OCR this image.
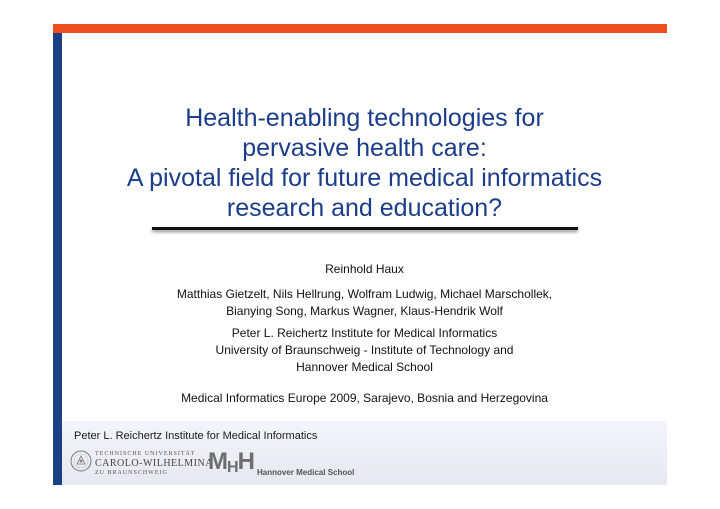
Health-enabling technologies for
pervasive health care:
A pivotal field for future medical informatics
research and education?
Reinhold Haux
Matthias Gietzelt, Nils Hellrung, Wolfram Ludwig, Michael Marschollek,
Bianying Song, Markus Wagner, Klaus-Hendrik Wolf
Peter L. Reichertz Institute for Medical Informatics
University of Braunschweig - Institute of Technology and
Hannover Medical School
Medical Informatics Europe 2009, Sarajevo, Bosnia and Herzegovina
Peter L. Reichertz Institute for Medical Informatics
TECHNISCHE UNIVERSITÄT
CAROLO-WILHELMINA
ZU BRAUNSCHWEIG	MHH Hannover Medical School
